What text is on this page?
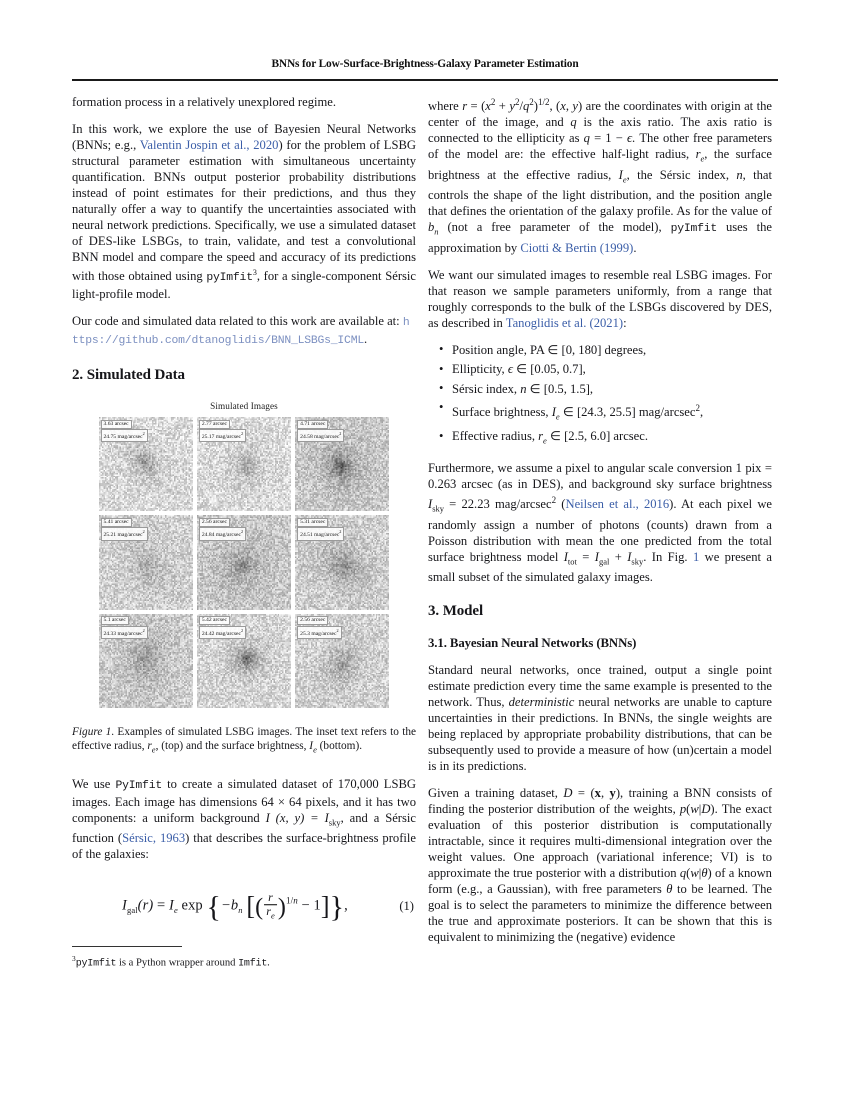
BNNs for Low-Surface-Brightness-Galaxy Parameter Estimation

formation process in a relatively unexplored regime.

In this work, we explore the use of Bayesien Neural Networks (BNNs; e.g., Valentin Jospin et al., 2020) for the problem of LSBG structural parameter estimation with simultaneous uncertainty quantification. BNNs output posterior probability distributions instead of point estimates for their predictions, and thus they naturally offer a way to quantify the uncertainties associated with neural network predictions. Specifically, we use a simulated dataset of DES-like LSBGs, to train, validate, and test a convolutional BNN model and compare the speed and accuracy of its predictions with those obtained using pyImfit$^3$, for a single-component Sérsic light-profile model.

Our code and simulated data related to this work are available at: https://github.com/dtanoglidis/BNN_LSBGs_ICML.

2. Simulated Data
Simulated Images
3.63 arcsec
24.75 mag/arcsec$^2$
2.77 arcsec
25.17 mag/arcsec$^2$
4.71 arcsec
24.58 mag/arcsec$^2$
5.41 arcsec
25.21 mag/arcsec$^2$
2.56 arcsec
24.84 mag/arcsec$^2$
5.31 arcsec
24.51 mag/arcsec$^2$
5.1 arcsec
24.33 mag/arcsec$^2$
5.42 arcsec
24.42 mag/arcsec$^2$
2.56 arcsec
25.3 mag/arcsec$^2$
Figure 1. Examples of simulated LSBG images. The inset text refers to the effective radius, $r_e$, (top) and the surface brightness, $I_e$ (bottom).

We use PyImfit to create a simulated dataset of 170,000 LSBG images. Each image has dimensions 64 × 64 pixels, and it has two components: a uniform background I (x, $y) = I_{sky}$, and a Sérsic function (Sérsic, 1963) that describes the surface-brightness profile of the galaxies:

$I_{gal}(r) = I_e$ $\exp \{-b_n$ [( $\frac{r}{r_e} )^{1/n} - 1$]},	(1)
$^3$pyImfit is a Python wrapper around Imfit.

where $r = (x^2 + y^2/q^2)^{1/2}$, (x, y) are the coordinates with origin at the center of the image, and q is the axis ratio. The axis ratio is connected to the ellipticity as q = 1 − ϵ. The other free parameters of the model are: the effective half-light radius, $r_e$, the surface brightness at the effective radius, $I_e$, the Sérsic index, n, that controls the shape of the light distribution, and the position angle that defines the orientation of the galaxy profile. As for the value of $b_n$ (not a free parameter of the model), pyImfit uses the approximation by Ciotti & Bertin (1999).

We want our simulated images to resemble real LSBG images. For that reason we sample parameters uniformly, from a range that roughly corresponds to the bulk of the LSBGs discovered by DES, as described in Tanoglidis et al. (2021):

• Position angle, PA ∈ [0, 180] degrees,
• Ellipticity, ϵ ∈ [0.05, 0.7],
• Sérsic index, n ∈ [0.5, 1.5],
• Surface brightness, $I_e$ ∈ [24.3, 25.5] mag/arcsec$^2$,
• Effective radius, $r_e$ ∈ [2.5, 6.0] arcsec.

Furthermore, we assume a pixel to angular scale conversion 1 pix = 0.263 arcsec (as in DES), and background sky surface brightness $I_{sky} = 22.23$ mag/arcsec$^2$ (Neilsen et al., 2016). At each pixel we randomly assign a number of photons (counts) drawn from a Poisson distribution with mean the one predicted from the total surface brightness model $I_{tot} = I_{gal} + I_{sky}$. In Fig. 1 we present a small subset of the simulated galaxy images.

3. Model
3.1. Bayesian Neural Networks (BNNs)

Standard neural networks, once trained, output a single point estimate prediction every time the same example is presented to the network. Thus, deterministic neural networks are unable to capture uncertainties in their predictions. In BNNs, the single weights are being replaced by appropriate probability distributions, that can be subsequently used to provide a measure of how (un)certain a model is in its predictions.

Given a training dataset, D = (x, y), training a BNN consists of finding the posterior distribution of the weights, p(w|D). The exact evaluation of this posterior distribution is computationally intractable, since it requires multi-dimensional integration over the weight values. One approach (variational inference; VI) is to approximate the true posterior with a distribution q(w|θ) of a known form (e.g., a Gaussian), with free parameters θ to be learned. The goal is to select the parameters to minimize the difference between the true and approximate posteriors. It can be shown that this is equivalent to minimizing the (negative) evidence
